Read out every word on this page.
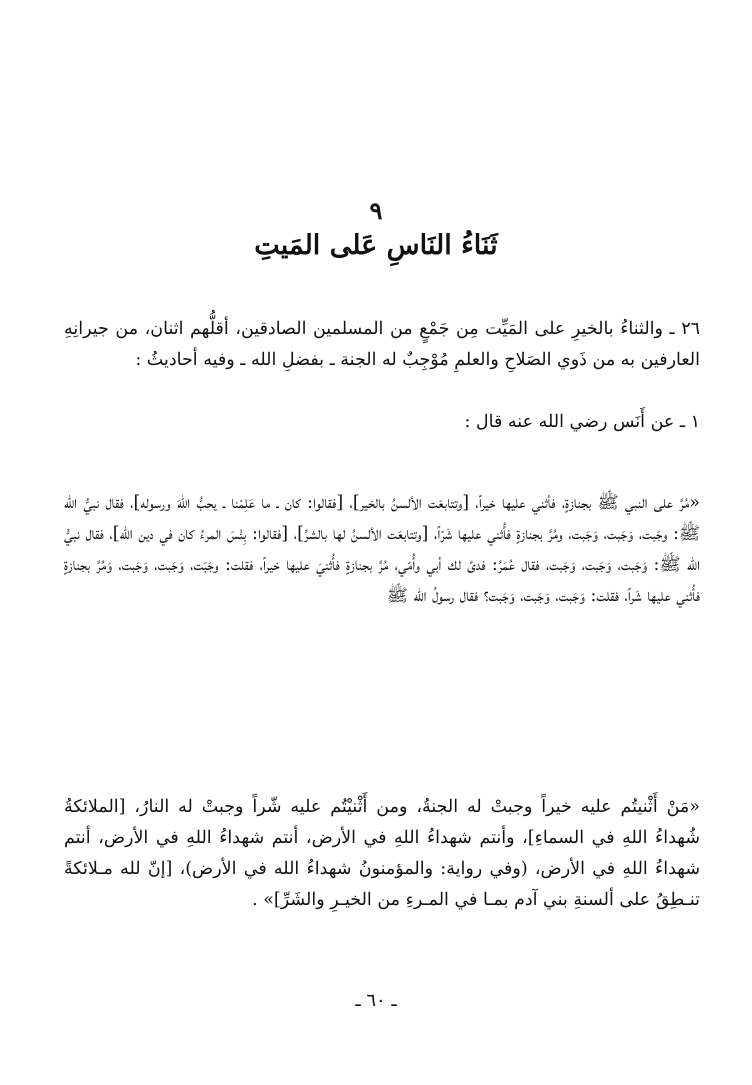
٩
ثَنَاءُ النَاسِ عَلى المَيتِ

٢٦ ـ والثناءُ بالخيرِ على المَيِّت مِن جَمْعٍ من المسلمين الصادقين، أقلُّهم اثنان، من جيرانِهِ العارفين به من ذَوي الصَلاحِ والعلمِ مُوْجِبٌ له الجنة ـ بفضلِ الله ـ وفيه أحاديثُ :

١ ـ عن أَنَس رضي الله عنه قال :

«مُرَّ على النبي ﷺ بجنازةٍ، فأثني عليها خيراً، [وتتابعَت الألسنُ بالخير]، [فقالوا: كان ـ ما عَلِمْنا ـ يحبُّ اللهَ ورسوله]، فقال نبيُّ الله ﷺ: وجَبت، وَجَبت، وَجَبت، ومُرَّ بجنازةٍ فأُثني عليها شَرّاً، [وتتابعَت الألسنُ لها بالشرِّ]، [فقالوا: بِئْسَ المرءُ كان في دين الله]، فقال نبيُّ الله ﷺ: وَجَبت، وَجَبت، وَجَبت، فقال عُمَرُ: فدىً لك أبي وأُمّي، مُرَّ بجنازةٍ فأُثنيَ عليها خيراً، فقلت: وجَبَت، وَجَبت، وَجَبت، وَمُرَّ بجنازةٍ فأُثني عليها شَراً، فقلت: وَجَبت، وَجَبت، وَجَبت؟ فقال رسولُ الله ﷺ

«مَنْ أَثْنيتُم عليه خيراً وجبتْ له الجنةُ، ومن أَثْنيْتُم عليه شّراً وجبتْ له النارُ، [الملائكةُ شُهداءُ اللهِ في السماءِ]، وأنتم شهداءُ اللهِ في الأرض، أنتم شهداءُ اللهِ في الأرض، أنتم شهداءُ اللهِ في الأرض، (وفي رواية: والمؤمنونُ شهداءُ الله في الأرض)، [إنّ لله مـلائكةً تنـطِقُ على ألسنةِ بني آدم بمـا في المـرءِ من الخيـرِ والشَرِّ]» .

ـ ٦٠ ـ
